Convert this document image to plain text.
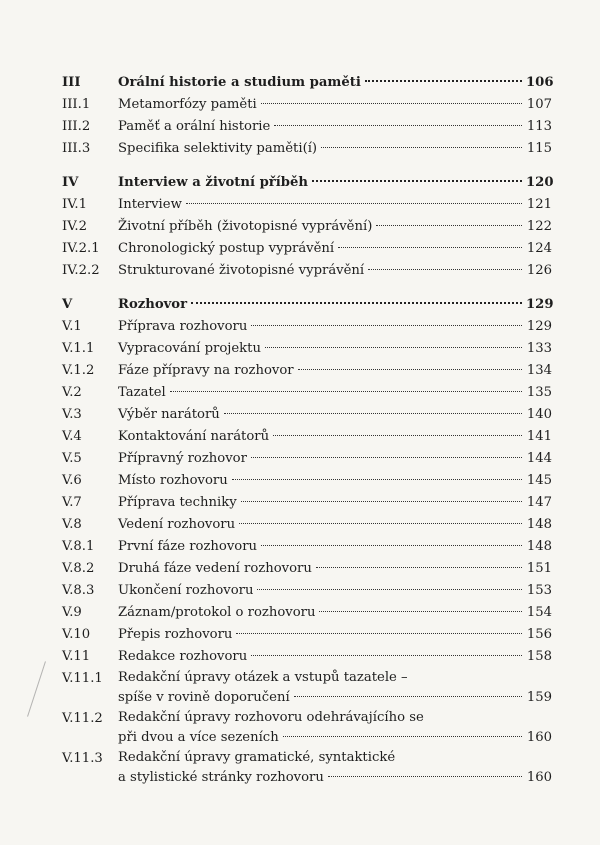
III	Orální historie a studium paměti	106
III.1	Metamorfózy paměti	107
III.2	Paměť a orální historie	113
III.3	Specifika selektivity paměti(í)	115
IV	Interview a životní příběh	120
IV.1	Interview	121
IV.2	Životní příběh (životopisné vyprávění)	122
IV.2.1	Chronologický postup vyprávění	124
IV.2.2	Strukturované životopisné vyprávění	126
V	Rozhovor	129
V.1	Příprava rozhovoru	129
V.1.1	Vypracování projektu	133
V.1.2	Fáze přípravy na rozhovor	134
V.2	Tazatel	135
V.3	Výběr narátorů	140
V.4	Kontaktování narátorů	141
V.5	Přípravný rozhovor	144
V.6	Místo rozhovoru	145
V.7	Příprava techniky	147
V.8	Vedení rozhovoru	148
V.8.1	První fáze rozhovoru	148
V.8.2	Druhá fáze vedení rozhovoru	151
V.8.3	Ukončení rozhovoru	153
V.9	Záznam/protokol o rozhovoru	154
V.10	Přepis rozhovoru	156
V.11	Redakce rozhovoru	158
V.11.1	Redakční úpravy otázek a vstupů tazatele –
spíše v rovině doporučení	159
V.11.2	Redakční úpravy rozhovoru odehrávajícího se
při dvou a více sezeních	160
V.11.3	Redakční úpravy gramatické, syntaktické
a stylistické stránky rozhovoru	160
